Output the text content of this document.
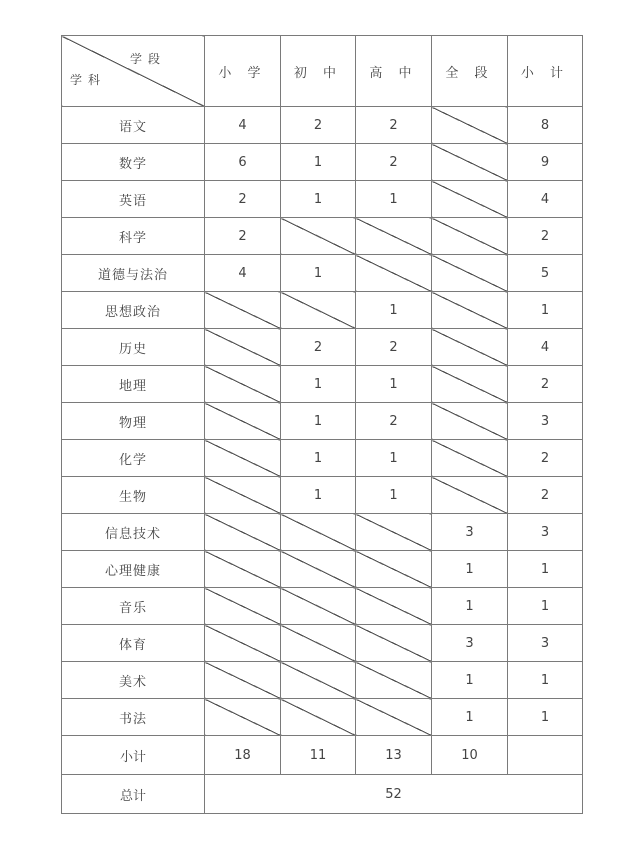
学段
学科	小 学	初 中	高 中	全 段	小 计
语文	4	2	2		8
数学	6	1	2		9
英语	2	1	1		4
科学	2				2
道德与法治	4	1			5
思想政治			1		1
历史		2	2		4
地理		1	1		2
物理		1	2		3
化学		1	1		2
生物		1	1		2
信息技术				3	3
心理健康				1	1
音乐				1	1
体育				3	3
美术				1	1
书法				1	1
小计	18	11	13	10	
总计	52				
